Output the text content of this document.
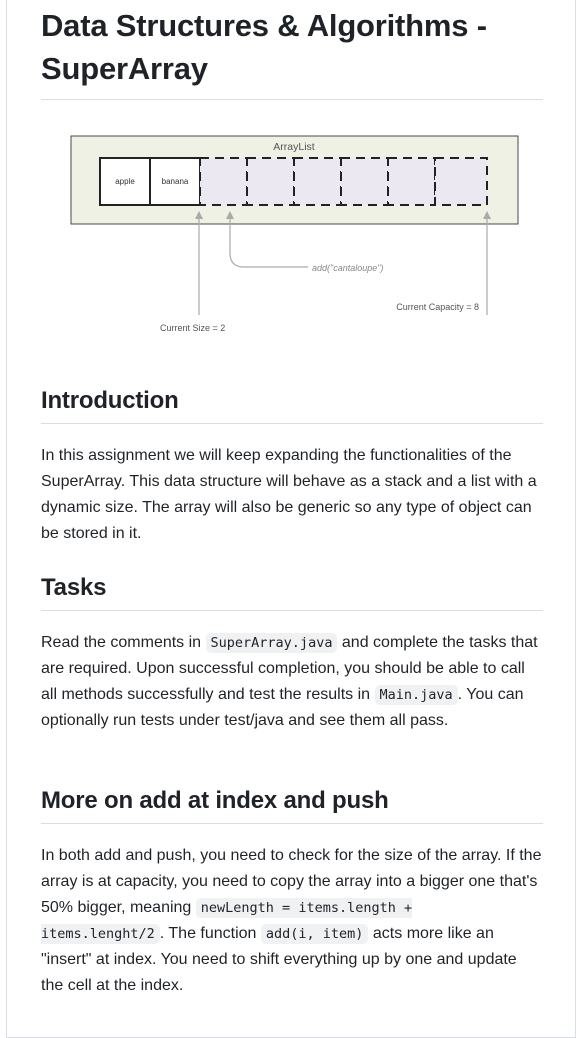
Data Structures & Algorithms - SuperArray
ArrayList
apple	banana
add("cantaloupe")
Current Capacity = 8
Current Size = 2
Introduction

In this assignment we will keep expanding the functionalities of the SuperArray. This data structure will behave as a stack and a list with a dynamic size. The array will also be generic so any type of object can be stored in it.

Tasks

Read the comments in SuperArray.java and complete the tasks that are required. Upon successful completion, you should be able to call all methods successfully and test the results in Main.java . You can optionally run tests under test/java and see them all pass.

More on add at index and push

In both add and push, you need to check for the size of the array. If the array is at capacity, you need to copy the array into a bigger one that's 50% bigger, meaning newLength = items.length + items.lenght/2 . The function add(i, item) acts more like an "insert" at index. You need to shift everything up by one and update the cell at the index.
